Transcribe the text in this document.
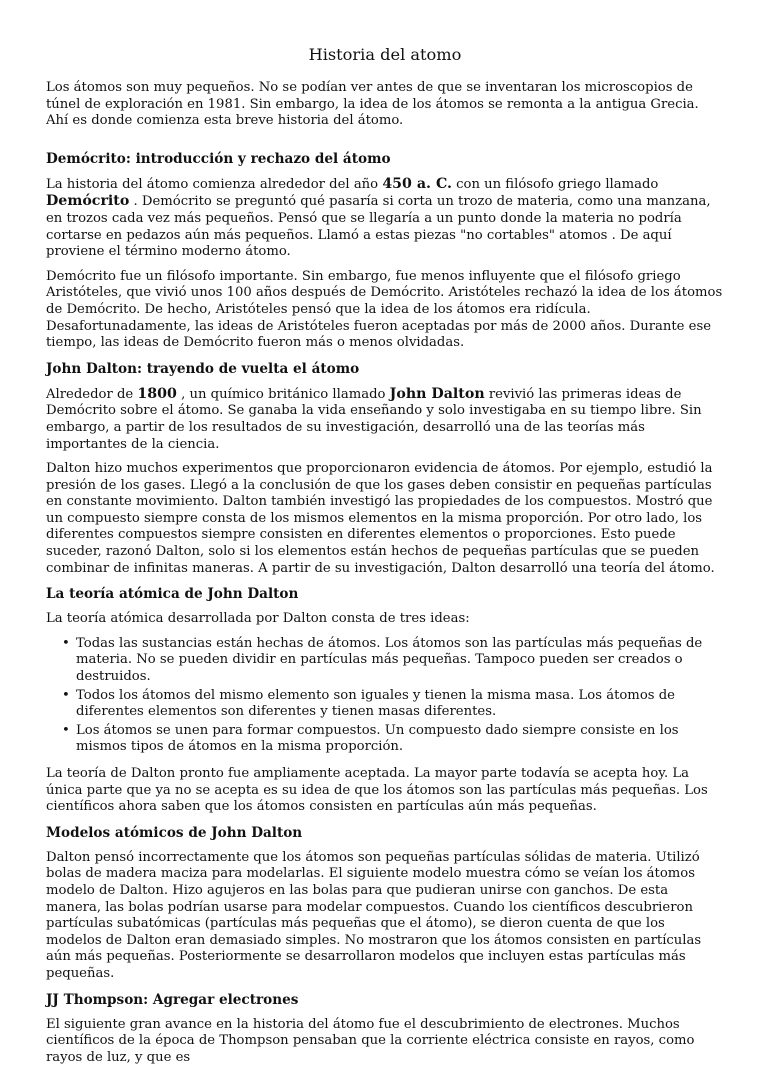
Historia del atomo

Los átomos son muy pequeños. No se podían ver antes de que se inventaran los microscopios de túnel de exploración en 1981. Sin embargo, la idea de los átomos se remonta a la antigua Grecia. Ahí es donde comienza esta breve historia del átomo.

Demócrito: introducción y rechazo del átomo

La historia del átomo comienza alrededor del año 450 a. C. con un filósofo griego llamado
Demócrito . Demócrito se preguntó qué pasaría si corta un trozo de materia, como una manzana, en trozos cada vez más pequeños. Pensó que se llegaría a un punto donde la materia no podría cortarse en pedazos aún más pequeños. Llamó a estas piezas "no cortables" atomos . De aquí proviene el término moderno átomo.

Demócrito fue un filósofo importante. Sin embargo, fue menos influyente que el filósofo griego Aristóteles, que vivió unos 100 años después de Demócrito. Aristóteles rechazó la idea de los átomos de Demócrito. De hecho, Aristóteles pensó que la idea de los átomos era ridícula. Desafortunadamente, las ideas de Aristóteles fueron aceptadas por más de 2000 años. Durante ese tiempo, las ideas de Demócrito fueron más o menos olvidadas.

John Dalton: trayendo de vuelta el átomo

Alrededor de 1800 , un químico británico llamado John Dalton revivió las primeras ideas de Demócrito sobre el átomo. Se ganaba la vida enseñando y solo investigaba en su tiempo libre. Sin embargo, a partir de los resultados de su investigación, desarrolló una de las teorías más importantes de la ciencia.

Dalton hizo muchos experimentos que proporcionaron evidencia de átomos. Por ejemplo, estudió la presión de los gases. Llegó a la conclusión de que los gases deben consistir en pequeñas partículas en constante movimiento. Dalton también investigó las propiedades de los compuestos. Mostró que un compuesto siempre consta de los mismos elementos en la misma proporción. Por otro lado, los diferentes compuestos siempre consisten en diferentes elementos o proporciones. Esto puede suceder, razonó Dalton, solo si los elementos están hechos de pequeñas partículas que se pueden combinar de infinitas maneras. A partir de su investigación, Dalton desarrolló una teoría del átomo.

La teoría atómica de John Dalton

La teoría atómica desarrollada por Dalton consta de tres ideas:

• Todas las sustancias están hechas de átomos. Los átomos son las partículas más pequeñas de materia. No se pueden dividir en partículas más pequeñas. Tampoco pueden ser creados o destruidos.
• Todos los átomos del mismo elemento son iguales y tienen la misma masa. Los átomos de diferentes elementos son diferentes y tienen masas diferentes.
• Los átomos se unen para formar compuestos. Un compuesto dado siempre consiste en los mismos tipos de átomos en la misma proporción.

La teoría de Dalton pronto fue ampliamente aceptada. La mayor parte todavía se acepta hoy. La única parte que ya no se acepta es su idea de que los átomos son las partículas más pequeñas. Los científicos ahora saben que los átomos consisten en partículas aún más pequeñas.

Modelos atómicos de John Dalton

Dalton pensó incorrectamente que los átomos son pequeñas partículas sólidas de materia. Utilizó bolas de madera maciza para modelarlas. El siguiente modelo muestra cómo se veían los átomos modelo de Dalton. Hizo agujeros en las bolas para que pudieran unirse con ganchos. De esta manera, las bolas podrían usarse para modelar compuestos. Cuando los científicos descubrieron partículas subatómicas (partículas más pequeñas que el átomo), se dieron cuenta de que los modelos de Dalton eran demasiado simples. No mostraron que los átomos consisten en partículas aún más pequeñas. Posteriormente se desarrollaron modelos que incluyen estas partículas más pequeñas.

JJ Thompson: Agregar electrones

El siguiente gran avance en la historia del átomo fue el descubrimiento de electrones. Muchos científicos de la época de Thompson pensaban que la corriente eléctrica consiste en rayos, como rayos de luz, y que es
